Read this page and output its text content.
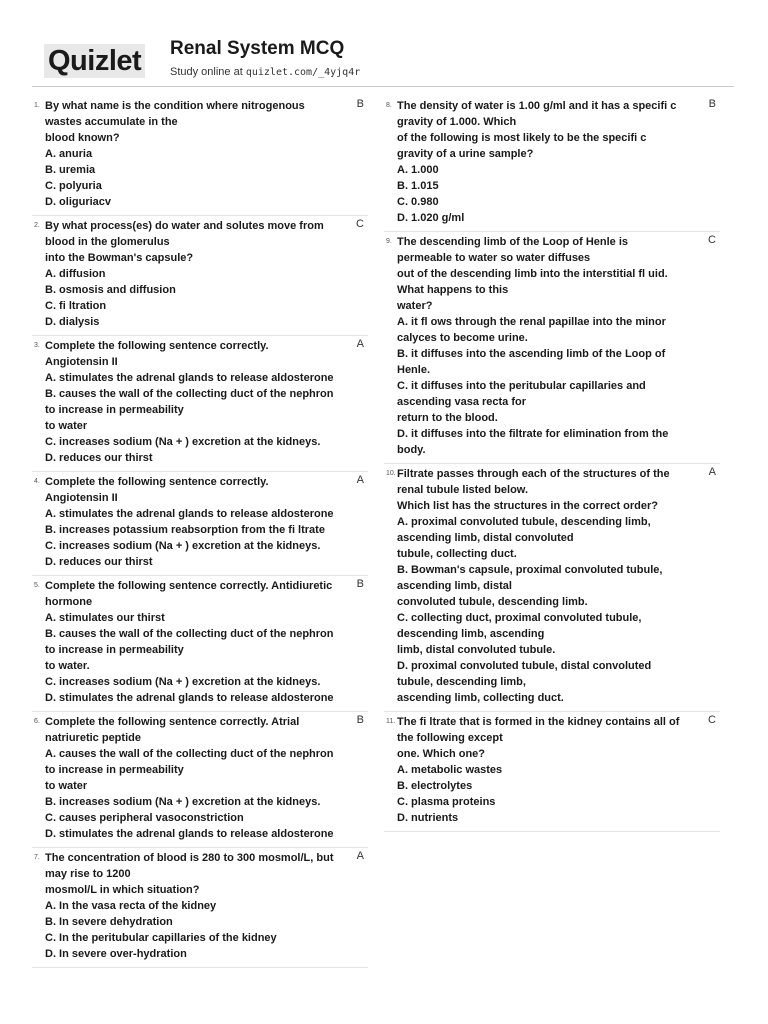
Quizlet Renal System MCQ
Study online at quizlet.com/_4yjq4r
1.	B
By what name is the condition where nitrogenous
wastes accumulate in the
blood known?
A. anuria
B. uremia
C. polyuria
D. oliguriacv
2.	C
By what process(es) do water and solutes move from
blood in the glomerulus
into the Bowman's capsule?
A. diffusion
B. osmosis and diffusion
C. fi ltration
D. dialysis
3.	A
Complete the following sentence correctly.
Angiotensin II
A. stimulates the adrenal glands to release aldosterone
B. causes the wall of the collecting duct of the nephron
to increase in permeability
to water
C. increases sodium (Na + ) excretion at the kidneys.
D. reduces our thirst
4.	A
Complete the following sentence correctly.
Angiotensin II
A. stimulates the adrenal glands to release aldosterone
B. increases potassium reabsorption from the fi ltrate
C. increases sodium (Na + ) excretion at the kidneys.
D. reduces our thirst
5.	B
Complete the following sentence correctly. Antidiuretic
hormone
A. stimulates our thirst
B. causes the wall of the collecting duct of the nephron
to increase in permeability
to water.
C. increases sodium (Na + ) excretion at the kidneys.
D. stimulates the adrenal glands to release aldosterone
6.	B
Complete the following sentence correctly. Atrial
natriuretic peptide
A. causes the wall of the collecting duct of the nephron
to increase in permeability
to water
B. increases sodium (Na + ) excretion at the kidneys.
C. causes peripheral vasoconstriction
D. stimulates the adrenal glands to release aldosterone
7.	A
The concentration of blood is 280 to 300 mosmol/L, but
may rise to 1200
mosmol/L in which situation?
A. In the vasa recta of the kidney
B. In severe dehydration
C. In the peritubular capillaries of the kidney
D. In severe over-hydration
8.	B
The density of water is 1.00 g/ml and it has a specifi c
gravity of 1.000. Which
of the following is most likely to be the specifi c
gravity of a urine sample?
A. 1.000
B. 1.015
C. 0.980
D. 1.020 g/ml
9.	C
The descending limb of the Loop of Henle is
permeable to water so water diffuses
out of the descending limb into the interstitial fl uid.
What happens to this
water?
A. it fl ows through the renal papillae into the minor
calyces to become urine.
B. it diffuses into the ascending limb of the Loop of
Henle.
C. it diffuses into the peritubular capillaries and
ascending vasa recta for
return to the blood.
D. it diffuses into the filtrate for elimination from the
body.
10.	A
Filtrate passes through each of the structures of the
renal tubule listed below.
Which list has the structures in the correct order?
A. proximal convoluted tubule, descending limb,
ascending limb, distal convoluted
tubule, collecting duct.
B. Bowman's capsule, proximal convoluted tubule,
ascending limb, distal
convoluted tubule, descending limb.
C. collecting duct, proximal convoluted tubule,
descending limb, ascending
limb, distal convoluted tubule.
D. proximal convoluted tubule, distal convoluted
tubule, descending limb,
ascending limb, collecting duct.
11.	C
The fi ltrate that is formed in the kidney contains all of
the following except
one. Which one?
A. metabolic wastes
B. electrolytes
C. plasma proteins
D. nutrients
